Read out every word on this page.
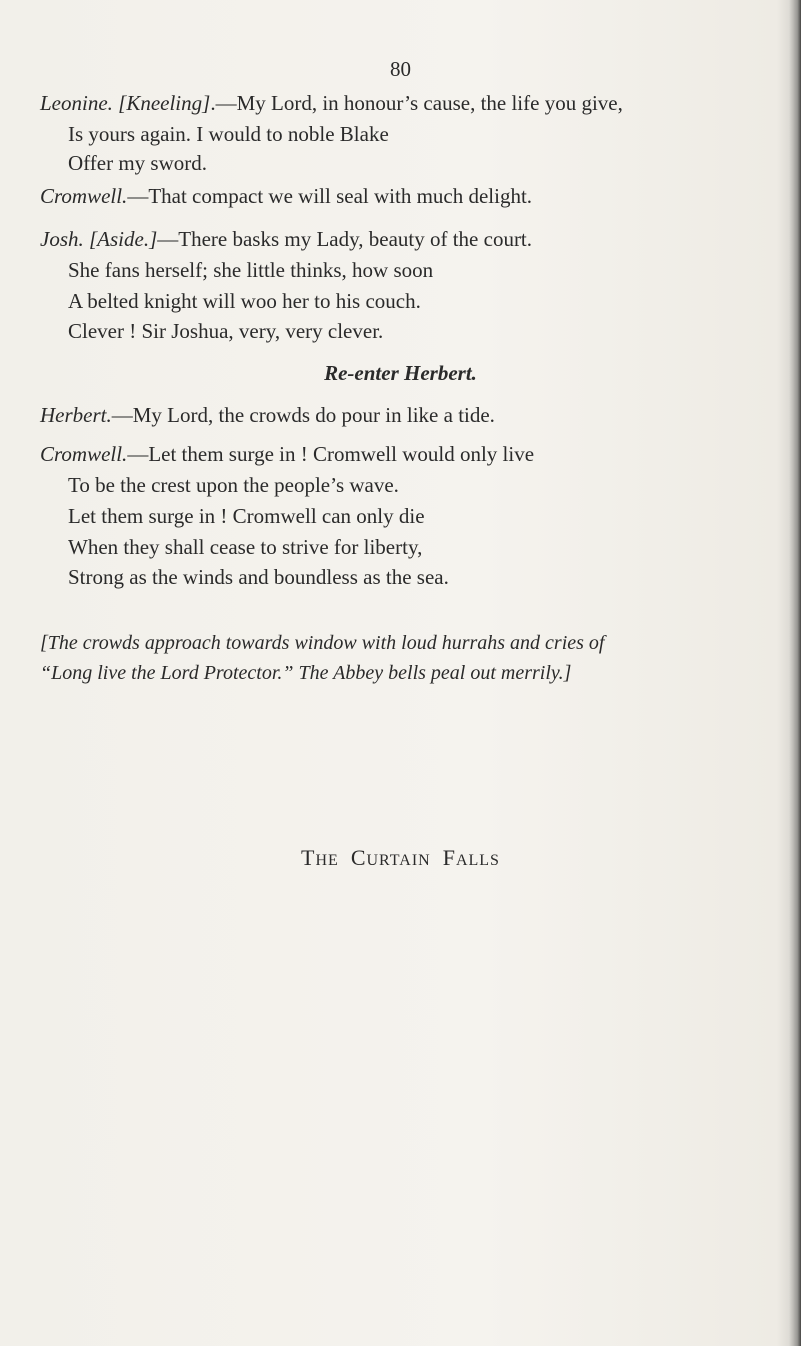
80
Leonine. [Kneeling].—My Lord, in honour’s cause, the life you give,
Is yours again. I would to noble Blake
Offer my sword.
Cromwell.—That compact we will seal with much delight.
Josh. [Aside.]—There basks my Lady, beauty of the court.
She fans herself; she little thinks, how soon
A belted knight will woo her to his couch.
Clever ! Sir Joshua, very, very clever.
Re-enter Herbert.
Herbert.—My Lord, the crowds do pour in like a tide.
Cromwell.—Let them surge in ! Cromwell would only live
To be the crest upon the people’s wave.
Let them surge in ! Cromwell can only die
When they shall cease to strive for liberty,
Strong as the winds and boundless as the sea.
[The crowds approach towards window with loud hurrahs and cries of
“Long live the Lord Protector.” The Abbey bells peal out merrily.]
THE CURTAIN FALLS
